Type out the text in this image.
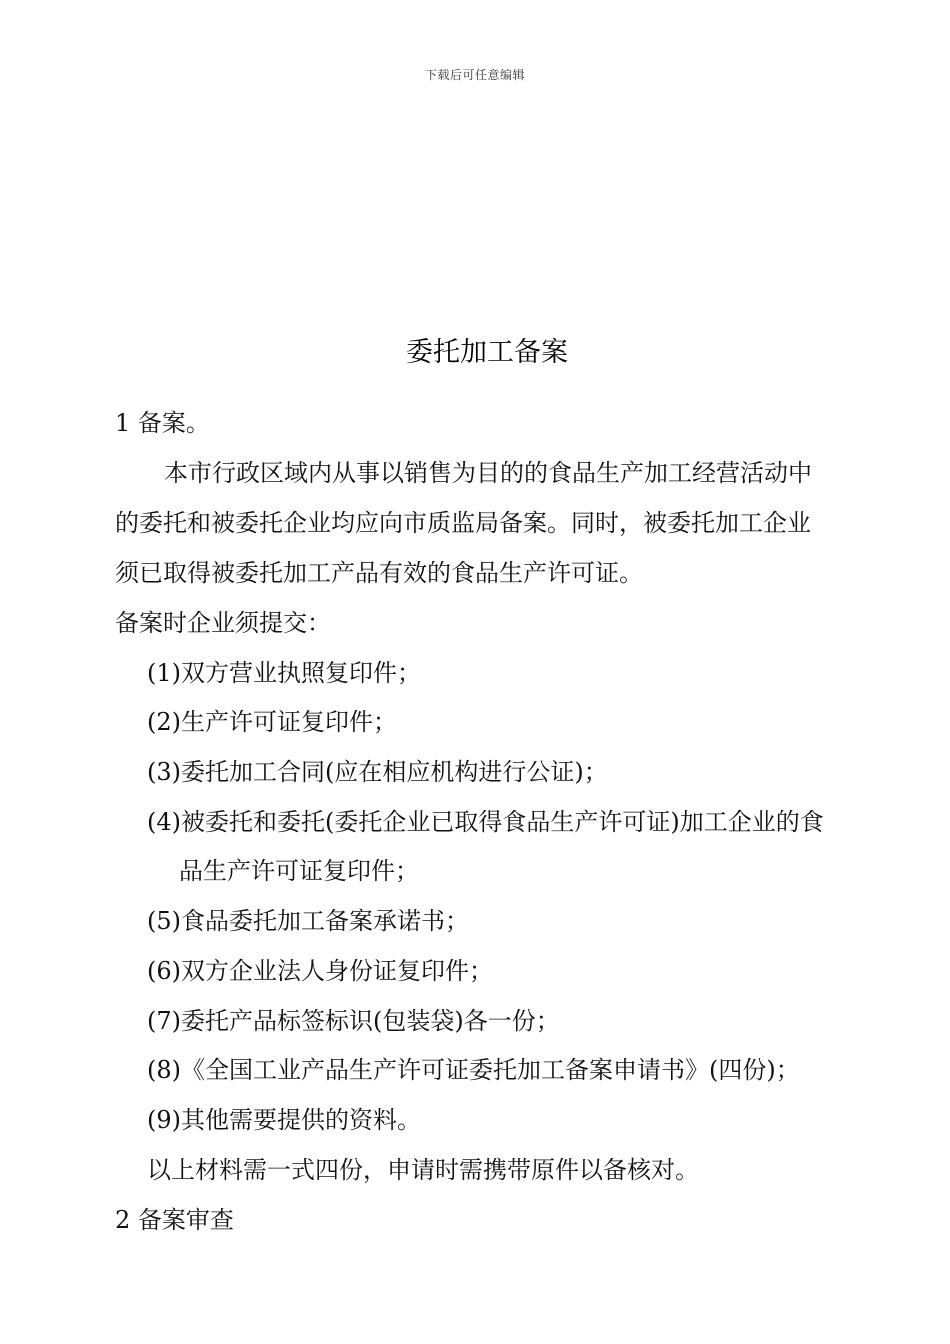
下载后可任意编辑
委托加工备案
1 备案。
本市行政区域内从事以销售为目的的食品生产加工经营活动中
的委托和被委托企业均应向市质监局备案。同时，被委托加工企业
须已取得被委托加工产品有效的食品生产许可证。
备案时企业须提交：
(1)双方营业执照复印件；
(2)生产许可证复印件；
(3)委托加工合同(应在相应机构进行公证)；
(4)被委托和委托(委托企业已取得食品生产许可证)加工企业的食
品生产许可证复印件；
(5)食品委托加工备案承诺书；
(6)双方企业法人身份证复印件；
(7)委托产品标签标识(包装袋)各一份；
(8)《全国工业产品生产许可证委托加工备案申请书》(四份)；
(9)其他需要提供的资料。
以上材料需一式四份，申请时需携带原件以备核对。
2 备案审查
